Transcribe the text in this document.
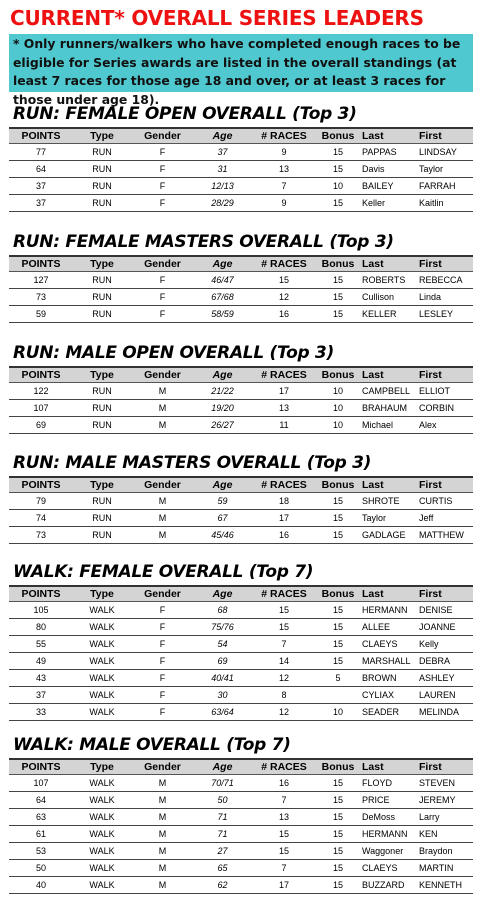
CURRENT* OVERALL SERIES LEADERS
* Only runners/walkers who have completed enough races to be eligible for Series awards are listed in the overall standings (at least 7 races for those age 18 and over, or at least 3 races for those under age 18).
RUN: FEMALE OPEN OVERALL (Top 3)
POINTS	Type	Gender	Age	# RACES	Bonus	Last	First
77	RUN	F	37	9	15	PAPPAS	LINDSAY
64	RUN	F	31	13	15	Davis	Taylor
37	RUN	F	12/13	7	10	BAILEY	FARRAH
37	RUN	F	28/29	9	15	Keller	Kaitlin
RUN: FEMALE MASTERS OVERALL (Top 3)
POINTS	Type	Gender	Age	# RACES	Bonus	Last	First
127	RUN	F	46/47	15	15	ROBERTS	REBECCA
73	RUN	F	67/68	12	15	Cullison	Linda
59	RUN	F	58/59	16	15	KELLER	LESLEY
RUN: MALE OPEN OVERALL (Top 3)
POINTS	Type	Gender	Age	# RACES	Bonus	Last	First
122	RUN	M	21/22	17	10	CAMPBELL	ELLIOT
107	RUN	M	19/20	13	10	BRAHAUM	CORBIN
69	RUN	M	26/27	11	10	Michael	Alex
RUN: MALE MASTERS OVERALL (Top 3)
POINTS	Type	Gender	Age	# RACES	Bonus	Last	First
79	RUN	M	59	18	15	SHROTE	CURTIS
74	RUN	M	67	17	15	Taylor	Jeff
73	RUN	M	45/46	16	15	GADLAGE	MATTHEW
WALK: FEMALE OVERALL (Top 7)
POINTS	Type	Gender	Age	# RACES	Bonus	Last	First
105	WALK	F	68	15	15	HERMANN	DENISE
80	WALK	F	75/76	15	15	ALLEE	JOANNE
55	WALK	F	54	7	15	CLAEYS	Kelly
49	WALK	F	69	14	15	MARSHALL	DEBRA
43	WALK	F	40/41	12	5	BROWN	ASHLEY
37	WALK	F	30	8		CYLIAX	LAUREN
33	WALK	F	63/64	12	10	SEADER	MELINDA
WALK: MALE OVERALL (Top 7)
POINTS	Type	Gender	Age	# RACES	Bonus	Last	First
107	WALK	M	70/71	16	15	FLOYD	STEVEN
64	WALK	M	50	7	15	PRICE	JEREMY
63	WALK	M	71	13	15	DeMoss	Larry
61	WALK	M	71	15	15	HERMANN	KEN
53	WALK	M	27	15	15	Waggoner	Braydon
50	WALK	M	65	7	15	CLAEYS	MARTIN
40	WALK	M	62	17	15	BUZZARD	KENNETH
